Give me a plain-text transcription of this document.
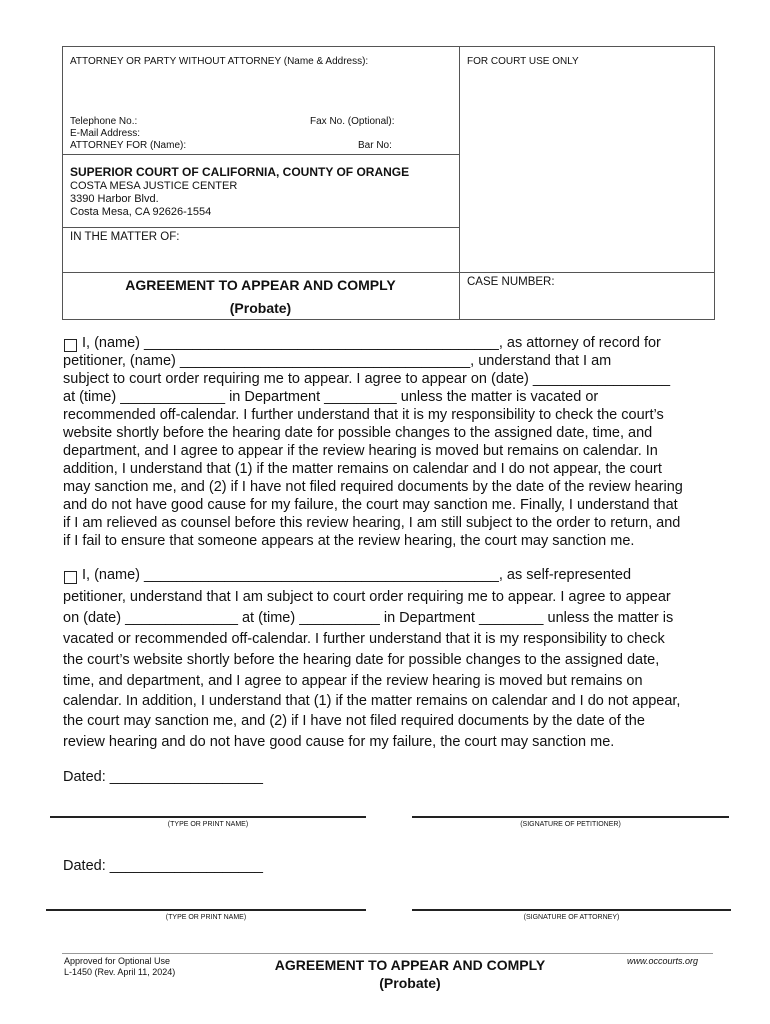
ATTORNEY OR PARTY WITHOUT ATTORNEY (Name & Address):	FOR COURT USE ONLY
Telephone No.:	Fax No. (Optional):
E-Mail Address:
ATTORNEY FOR (Name):	Bar No:
SUPERIOR COURT OF CALIFORNIA, COUNTY OF ORANGE
COSTA MESA JUSTICE CENTER
3390 Harbor Blvd.
Costa Mesa, CA 92626-1554
IN THE MATTER OF:
AGREEMENT TO APPEAR AND COMPLY
(Probate)
CASE NUMBER:
I, (name) ____________________________________________, as attorney of record for
petitioner, (name) ____________________________________, understand that I am
subject to court order requiring me to appear. I agree to appear on (date) _________________
at (time) _____________ in Department _________ unless the matter is vacated or
recommended off-calendar. I further understand that it is my responsibility to check the court’s
website shortly before the hearing date for possible changes to the assigned date, time, and
department, and I agree to appear if the review hearing is moved but remains on calendar. In
addition, I understand that (1) if the matter remains on calendar and I do not appear, the court
may sanction me, and (2) if I have not filed required documents by the date of the review hearing
and do not have good cause for my failure, the court may sanction me. Finally, I understand that
if I am relieved as counsel before this review hearing, I am still subject to the order to return, and
if I fail to ensure that someone appears at the review hearing, the court may sanction me.
I, (name) ____________________________________________, as self-represented
petitioner, understand that I am subject to court order requiring me to appear. I agree to appear
on (date) ______________ at (time) __________ in Department ________ unless the matter is
vacated or recommended off-calendar. I further understand that it is my responsibility to check
the court’s website shortly before the hearing date for possible changes to the assigned date,
time, and department, and I agree to appear if the review hearing is moved but remains on
calendar. In addition, I understand that (1) if the matter remains on calendar and I do not appear,
the court may sanction me, and (2) if I have not filed required documents by the date of the
review hearing and do not have good cause for my failure, the court may sanction me.
Dated: ___________________
(TYPE OR PRINT NAME)	(SIGNATURE OF PETITIONER)
Dated: ___________________
(TYPE OR PRINT NAME)	(SIGNATURE OF ATTORNEY)
Approved for Optional Use
L-1450 (Rev. April 11, 2024)	AGREEMENT TO APPEAR AND COMPLY
(Probate)
www.occourts.org
